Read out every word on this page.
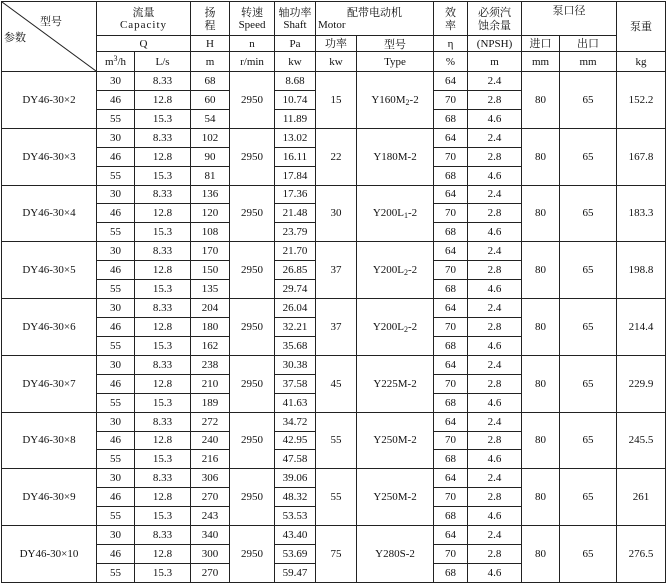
型号
参数	流量
Capacity		扬
程	转速
Speed	轴功率
Shaft	配带电动机
Motor		效
率	必须汽
蚀余量	泵口径		泵重
	Q		H	n	Pa	功率	型号	η	(NPSH)	进口	出口	
	$m^3/h$	L/s	m	r/min	kw	kw	Type	%	m	mm	mm	kg
DY46-30×2	30	8.33	68	2950	8.68	15	$Y160M_2-2$	64	2.4	80	65	152.2
	46	12.8	60		10.74			70	2.8			
	55	15.3	54		11.89			68	4.6			
DY46-30×3	30	8.33	102	2950	13.02	22	Y180M-2	64	2.4	80	65	167.8
	46	12.8	90		16.11			70	2.8			
	55	15.3	81		17.84			68	4.6			
DY46-30×4	30	8.33	136	2950	17.36	30	$Y200L_1-2$	64	2.4	80	65	183.3
	46	12.8	120		21.48			70	2.8			
	55	15.3	108		23.79			68	4.6			
DY46-30×5	30	8.33	170	2950	21.70	37	$Y200L_2-2$	64	2.4	80	65	198.8
	46	12.8	150		26.85			70	2.8			
	55	15.3	135		29.74			68	4.6			
DY46-30×6	30	8.33	204	2950	26.04	37	$Y200L_2-2$	64	2.4	80	65	214.4
	46	12.8	180		32.21			70	2.8			
	55	15.3	162		35.68			68	4.6			
DY46-30×7	30	8.33	238	2950	30.38	45	Y225M-2	64	2.4	80	65	229.9
	46	12.8	210		37.58			70	2.8			
	55	15.3	189		41.63			68	4.6			
DY46-30×8	30	8.33	272	2950	34.72	55	Y250M-2	64	2.4	80	65	245.5
	46	12.8	240		42.95			70	2.8			
	55	15.3	216		47.58			68	4.6			
DY46-30×9	30	8.33	306	2950	39.06	55	Y250M-2	64	2.4	80	65	261
	46	12.8	270		48.32			70	2.8			
	55	15.3	243		53.53			68	4.6			
DY46-30×10	30	8.33	340	2950	43.40	75	Y280S-2	64	2.4	80	65	276.5
	46	12.8	300		53.69			70	2.8			
	55	15.3	270		59.47			68	4.6			
